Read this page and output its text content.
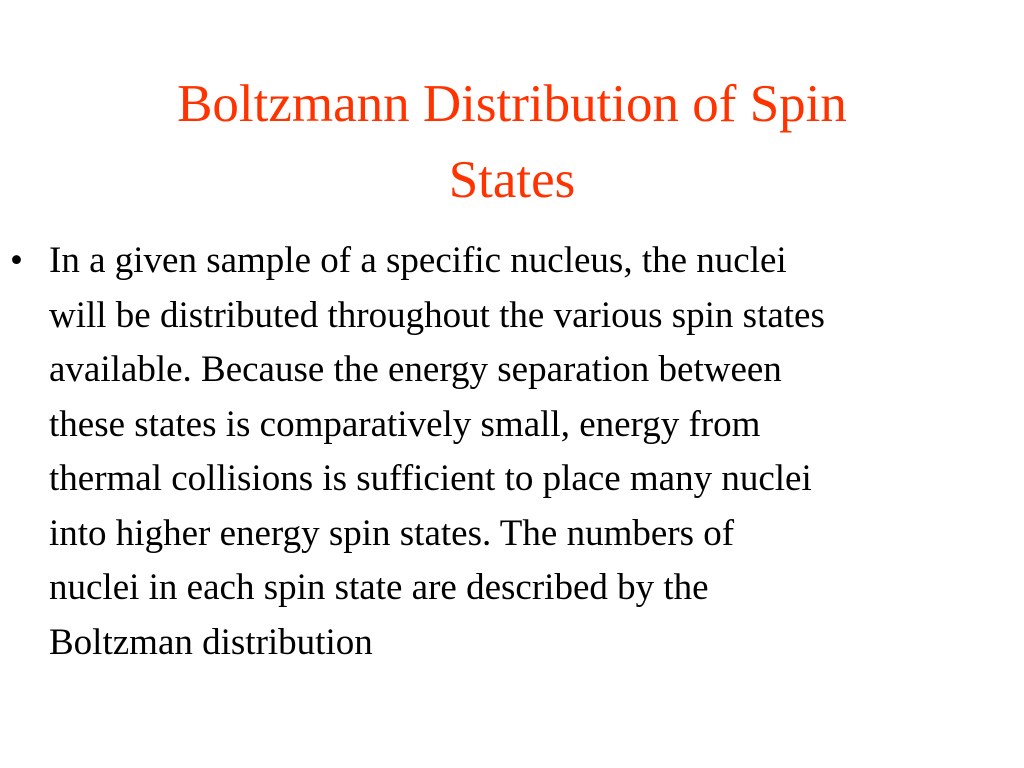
Boltzmann Distribution of Spin
States
• In a given sample of a specific nucleus, the nuclei
will be distributed throughout the various spin states
available. Because the energy separation between
these states is comparatively small, energy from
thermal collisions is sufficient to place many nuclei
into higher energy spin states. The numbers of
nuclei in each spin state are described by the
Boltzman distribution
